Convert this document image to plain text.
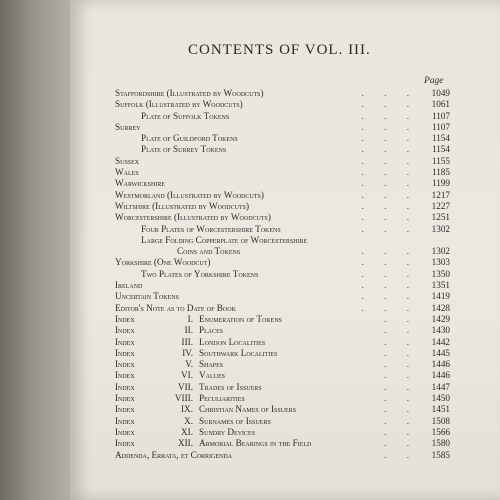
CONTENTS OF VOL. III.
Page
Staffordshire (Illustrated by Woodcuts)	. . . 1049
Suffolk (Illustrated by Woodcuts)	. . . 1061
Plate of Suffolk Tokens	. . . 1107
Surrey	. . . 1107
Plate of Guildford Tokens	. . . 1154
Plate of Surrey Tokens	. . . 1154
Sussex	. . . 1155
Wales	. . . 1185
Warwickshire	. . . 1199
Westmorland (Illustrated by Woodcuts)	. . . 1217
Wiltshire (Illustrated by Woodcuts)	. . . 1227
Worcestershire (Illustrated by Woodcuts)	. . . 1251
Four Plates of Worcestershire Tokens	. . . 1302
Large Folding Copperplate of Worcestershire
Coins and Tokens	. . . 1302
Yorkshire (One Woodcut)	. . . 1303
Two Plates of Yorkshire Tokens	. . . 1350
Ireland	. . . 1351
Uncertain Tokens	. . . 1419
Editor's Note as to Date of Book	. . . 1428
Index	I. Enumeration of Tokens	. . 1429
Index	II. Places	. . 1430
Index	III. London Localities	. . 1442
Index	IV. Southwark Localities	. . 1445
Index	V. Shapes	. . 1446
Index	VI. Values	. . 1446
Index	VII. Trades of Issuers	. . 1447
Index	VIII. Peculiarities	. . 1450
Index	IX. Christian Names of Issuers	. . 1451
Index	X. Surnames of Issuers	. . 1508
Index	XI. Sundry Devices	. . 1566
Index	XII. Armorial Bearings in the Field	. . 1580
Addenda, Errata, et Corrigenda	. . 1585
